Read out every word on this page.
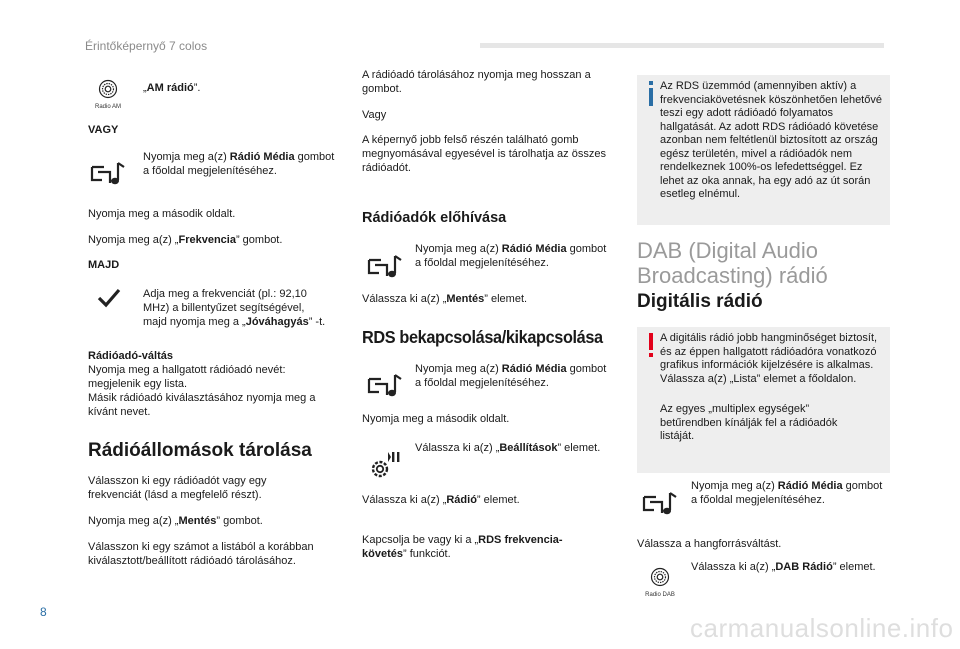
Érintőképernyő 7 colos
Radio AM
„AM rádió”.
VAGY
Nyomja meg a(z) Rádió Média gombot a főoldal megjelenítéséhez.
Nyomja meg a második oldalt.
Nyomja meg a(z) „Frekvencia” gombot.
MAJD
Adja meg a frekvenciát (pl.: 92,10 MHz) a billentyűzet segítségével, majd nyomja meg a „Jóváhagyás” -t.
Rádióadó-váltás
Nyomja meg a hallgatott rádióadó nevét: megjelenik egy lista.
Másik rádióadó kiválasztásához nyomja meg a kívánt nevet.
Rádióállomások tárolása
Válasszon ki egy rádióadót vagy egy frekvenciát (lásd a megfelelő részt).
Nyomja meg a(z) „Mentés” gombot.
Válasszon ki egy számot a listából a korábban kiválasztott/beállított rádióadó tárolásához.
A rádióadó tárolásához nyomja meg hosszan a gombot.
Vagy
A képernyő jobb felső részén található gomb megnyomásával egyesével is tárolhatja az összes rádióadót.
Rádióadók előhívása
Nyomja meg a(z) Rádió Média gombot a főoldal megjelenítéséhez.
Válassza ki a(z) „Mentés” elemet.
RDS bekapcsolása/kikapcsolása
Nyomja meg a(z) Rádió Média gombot a főoldal megjelenítéséhez.
Nyomja meg a második oldalt.
Válassza ki a(z) „Beállítások” elemet.
Válassza ki a(z) „Rádió” elemet.
Kapcsolja be vagy ki a „RDS frekvencia-követés” funkciót.
Az RDS üzemmód (amennyiben aktív) a frekvenciakövetésnek köszönhetően lehetővé teszi egy adott rádióadó folyamatos hallgatását. Az adott RDS rádióadó követése azonban nem feltétlenül biztosított az ország egész területén, mivel a rádióadók nem rendelkeznek 100%-os lefedettséggel. Ez lehet az oka annak, ha egy adó az út során esetleg elnémul.
DAB (Digital Audio Broadcasting) rádió
Digitális rádió
A digitális rádió jobb hangminőséget biztosít, és az éppen hallgatott rádióadóra vonatkozó grafikus információk kijelzésére is alkalmas. Válassza a(z) „Lista” elemet a főoldalon.
Az egyes „multiplex egységek” betűrendben kínálják fel a rádióadók listáját.
Nyomja meg a(z) Rádió Média gombot a főoldal megjelenítéséhez.
Válassza a hangforrásváltást.
Radio DAB
Válassza ki a(z) „DAB Rádió” elemet.
8
carmanualsonline.info
